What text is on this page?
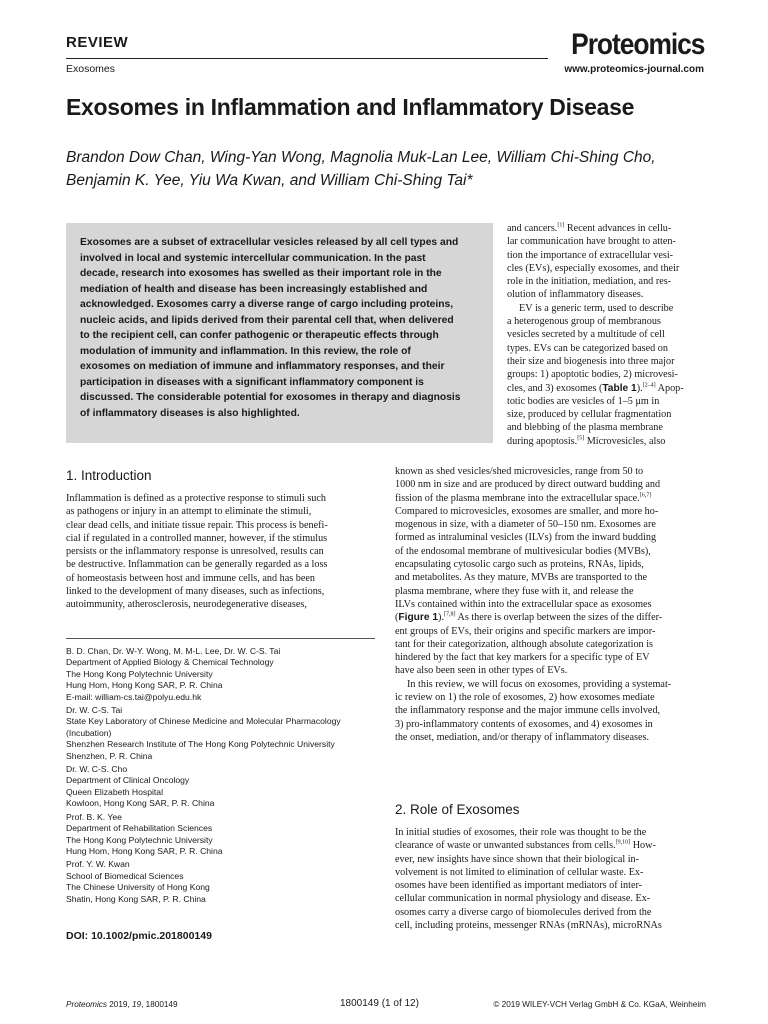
REVIEW
Exosomes
Proteomics
www.proteomics-journal.com
Exosomes in Inflammation and Inflammatory Disease
Brandon Dow Chan, Wing-Yan Wong, Magnolia Muk-Lan Lee, William Chi-Shing Cho,
Benjamin K. Yee, Yiu Wa Kwan, and William Chi-Shing Tai*
Exosomes are a subset of extracellular vesicles released by all cell types and
involved in local and systemic intercellular communication. In the past
decade, research into exosomes has swelled as their important role in the
mediation of health and disease has been increasingly established and
acknowledged. Exosomes carry a diverse range of cargo including proteins,
nucleic acids, and lipids derived from their parental cell that, when delivered
to the recipient cell, can confer pathogenic or therapeutic effects through
modulation of immunity and inflammation. In this review, the role of
exosomes on mediation of immune and inflammatory responses, and their
participation in diseases with a significant inflammatory component is
discussed. The considerable potential for exosomes in therapy and diagnosis
of inflammatory diseases is also highlighted.
and cancers.[1] Recent advances in cellu-
lar communication have brought to atten-
tion the importance of extracellular vesi-
cles (EVs), especially exosomes, and their
role in the initiation, mediation, and res-
olution of inflammatory diseases.
EV is a generic term, used to describe
a heterogenous group of membranous
vesicles secreted by a multitude of cell
types. EVs can be categorized based on
their size and biogenesis into three major
groups: 1) apoptotic bodies, 2) microvesi-
cles, and 3) exosomes (Table 1).[2–4] Apop-
totic bodies are vesicles of 1–5 μm in
size, produced by cellular fragmentation
and blebbing of the plasma membrane
during apoptosis.[5] Microvesicles, also
known as shed vesicles/shed microvesicles, range from 50 to
1000 nm in size and are produced by direct outward budding and
fission of the plasma membrane into the extracellular space.[6,7]
Compared to microvesicles, exosomes are smaller, and more ho-
mogenous in size, with a diameter of 50–150 nm. Exosomes are
formed as intraluminal vesicles (ILVs) from the inward budding
of the endosomal membrane of multivesicular bodies (MVBs),
encapsulating cytosolic cargo such as proteins, RNAs, lipids,
and metabolites. As they mature, MVBs are transported to the
plasma membrane, where they fuse with it, and release the
ILVs contained within into the extracellular space as exosomes
(Figure 1).[7,8] As there is overlap between the sizes of the differ-
ent groups of EVs, their origins and specific markers are impor-
tant for their categorization, although absolute categorization is
hindered by the fact that key markers for a specific type of EV
have also been seen in other types of EVs.
In this review, we will focus on exosomes, providing a systemat-
ic review on 1) the role of exosomes, 2) how exosomes mediate
the inflammatory response and the major immune cells involved,
3) pro-inflammatory contents of exosomes, and 4) exosomes in
the onset, mediation, and/or therapy of inflammatory diseases.
1. Introduction
Inflammation is defined as a protective response to stimuli such
as pathogens or injury in an attempt to eliminate the stimuli,
clear dead cells, and initiate tissue repair. This process is benefi-
cial if regulated in a controlled manner, however, if the stimulus
persists or the inflammatory response is unresolved, results can
be destructive. Inflammation can be generally regarded as a loss
of homeostasis between host and immune cells, and has been
linked to the development of many diseases, such as infections,
autoimmunity, atherosclerosis, neurodegenerative diseases,
B. D. Chan, Dr. W-Y. Wong, M. M-L. Lee, Dr. W. C-S. Tai
Department of Applied Biology & Chemical Technology
The Hong Kong Polytechnic University
Hung Hom, Hong Kong SAR, P. R. China
E-mail: william-cs.tai@polyu.edu.hk
Dr. W. C-S. Tai
State Key Laboratory of Chinese Medicine and Molecular Pharmacology
(Incubation)
Shenzhen Research Institute of The Hong Kong Polytechnic University
Shenzhen, P. R. China
Dr. W. C-S. Cho
Department of Clinical Oncology
Queen Elizabeth Hospital
Kowloon, Hong Kong SAR, P. R. China
Prof. B. K. Yee
Department of Rehabilitation Sciences
The Hong Kong Polytechnic University
Hung Hom, Hong Kong SAR, P. R. China
Prof. Y. W. Kwan
School of Biomedical Sciences
The Chinese University of Hong Kong
Shatin, Hong Kong SAR, P. R. China
DOI: 10.1002/pmic.201800149
2. Role of Exosomes
In initial studies of exosomes, their role was thought to be the
clearance of waste or unwanted substances from cells.[9,10] How-
ever, new insights have since shown that their biological in-
volvement is not limited to elimination of cellular waste. Ex-
osomes have been identified as important mediators of inter-
cellular communication in normal physiology and disease. Ex-
osomes carry a diverse cargo of biomolecules derived from the
cell, including proteins, messenger RNAs (mRNAs), microRNAs
Proteomics 2019, 19, 1800149	1800149 (1 of 12)	© 2019 WILEY-VCH Verlag GmbH & Co. KGaA, Weinheim
